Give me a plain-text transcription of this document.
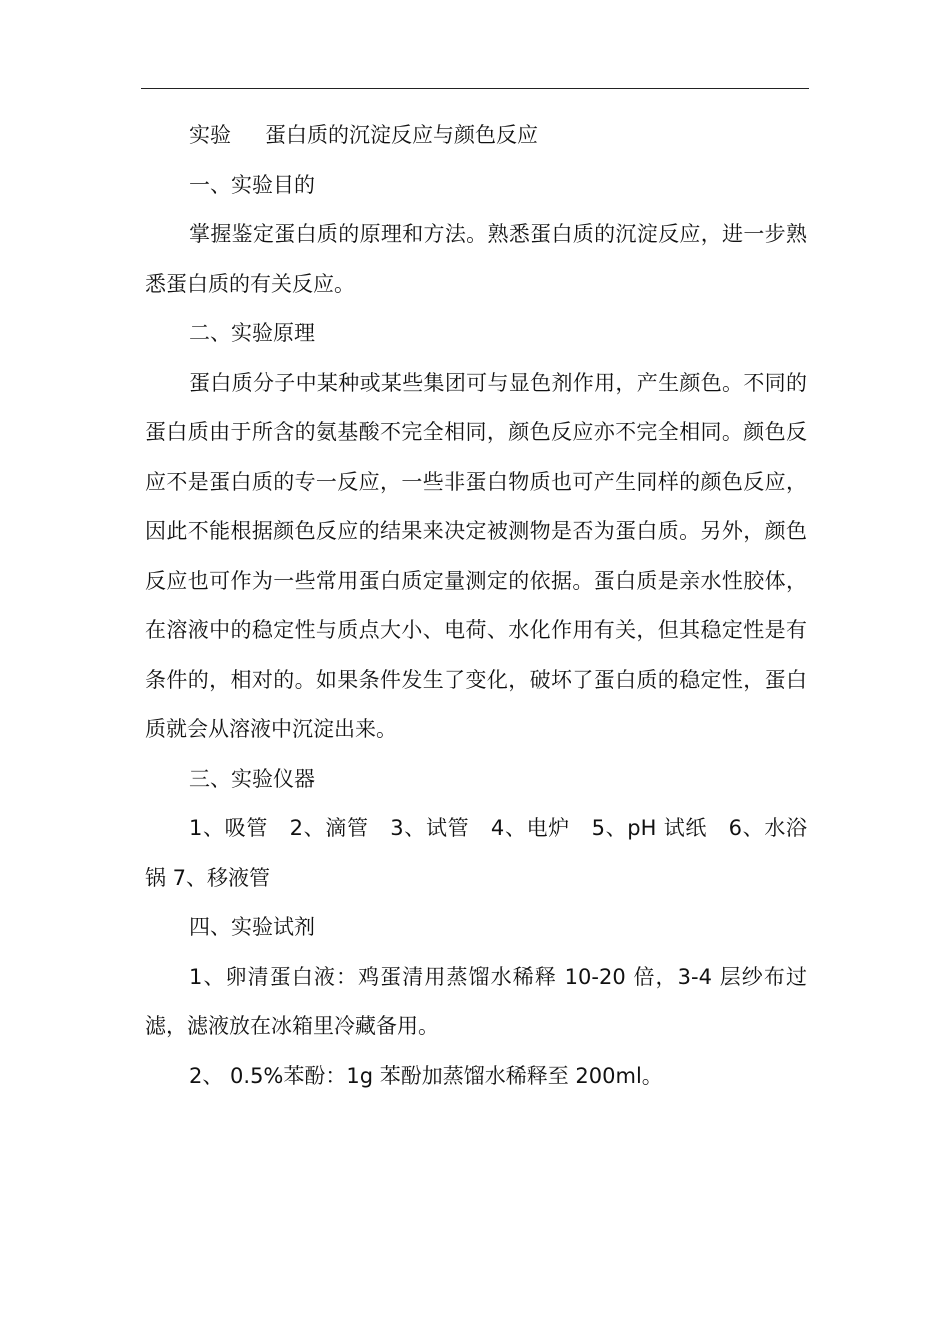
实验 蛋白质的沉淀反应与颜色反应

一、实验目的

掌握鉴定蛋白质的原理和方法。熟悉蛋白质的沉淀反应，进一步熟悉蛋白质的有关反应。

二、实验原理

蛋白质分子中某种或某些集团可与显色剂作用，产生颜色。不同的蛋白质由于所含的氨基酸不完全相同，颜色反应亦不完全相同。颜色反应不是蛋白质的专一反应，一些非蛋白物质也可产生同样的颜色反应，因此不能根据颜色反应的结果来决定被测物是否为蛋白质。另外，颜色反应也可作为一些常用蛋白质定量测定的依据。蛋白质是亲水性胶体，在溶液中的稳定性与质点大小、电荷、水化作用有关，但其稳定性是有条件的，相对的。如果条件发生了变化，破坏了蛋白质的稳定性，蛋白质就会从溶液中沉淀出来。

三、实验仪器

1、吸管　2、滴管　3、试管　4、电炉　5、pH 试纸　6、水浴锅 7、移液管

四、实验试剂

1、卵清蛋白液：鸡蛋清用蒸馏水稀释 10-20 倍，3-4 层纱布过滤，滤液放在冰箱里冷藏备用。

2、 0.5%苯酚：1g 苯酚加蒸馏水稀释至 200ml。
